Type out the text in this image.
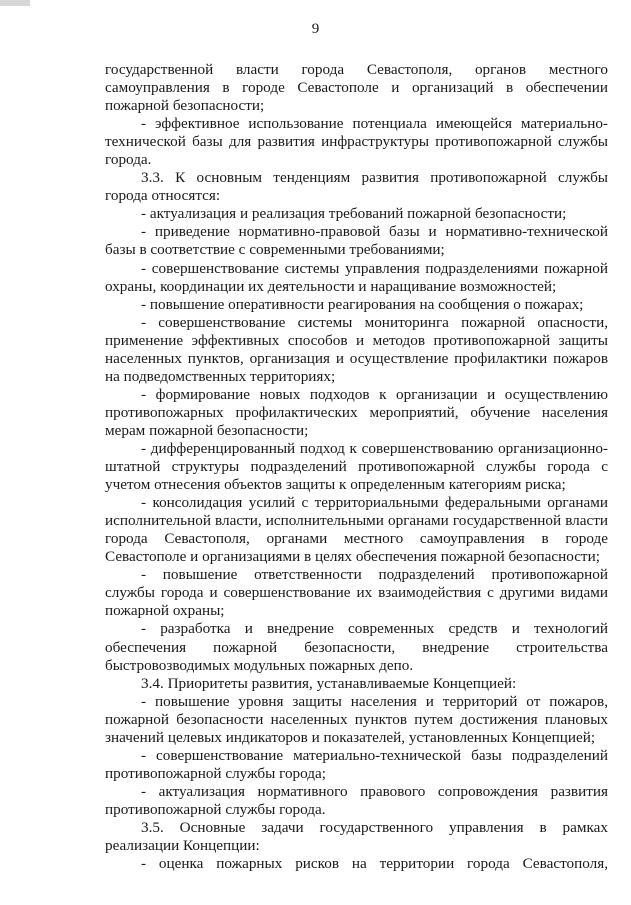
9

государственной власти города Севастополя, органов местного самоуправления в городе Севастополе и организаций в обеспечении пожарной безопасности;

- эффективное использование потенциала имеющейся материально-технической базы для развития инфраструктуры противопожарной службы города.

3.3. К основным тенденциям развития противопожарной службы города относятся:

- актуализация и реализация требований пожарной безопасности;

- приведение нормативно-правовой базы и нормативно-технической базы в соответствие с современными требованиями;

- совершенствование системы управления подразделениями пожарной охраны, координации их деятельности и наращивание возможностей;

- повышение оперативности реагирования на сообщения о пожарах;

- совершенствование системы мониторинга пожарной опасности, применение эффективных способов и методов противопожарной защиты населенных пунктов, организация и осуществление профилактики пожаров на подведомственных территориях;

- формирование новых подходов к организации и осуществлению противопожарных профилактических мероприятий, обучение населения мерам пожарной безопасности;

- дифференцированный подход к совершенствованию организационно-штатной структуры подразделений противопожарной службы города с учетом отнесения объектов защиты к определенным категориям риска;

- консолидация усилий с территориальными федеральными органами исполнительной власти, исполнительными органами государственной власти города Севастополя, органами местного самоуправления в городе Севастополе и организациями в целях обеспечения пожарной безопасности;

- повышение ответственности подразделений противопожарной службы города и совершенствование их взаимодействия с другими видами пожарной охраны;

- разработка и внедрение современных средств и технологий обеспечения пожарной безопасности, внедрение строительства быстровозводимых модульных пожарных депо.

3.4. Приоритеты развития, устанавливаемые Концепцией:

- повышение уровня защиты населения и территорий от пожаров, пожарной безопасности населенных пунктов путем достижения плановых значений целевых индикаторов и показателей, установленных Концепцией;

- совершенствование материально-технической базы подразделений противопожарной службы города;

- актуализация нормативного правового сопровождения развития противопожарной службы города.

3.5. Основные задачи государственного управления в рамках реализации Концепции:

- оценка пожарных рисков на территории города Севастополя,
